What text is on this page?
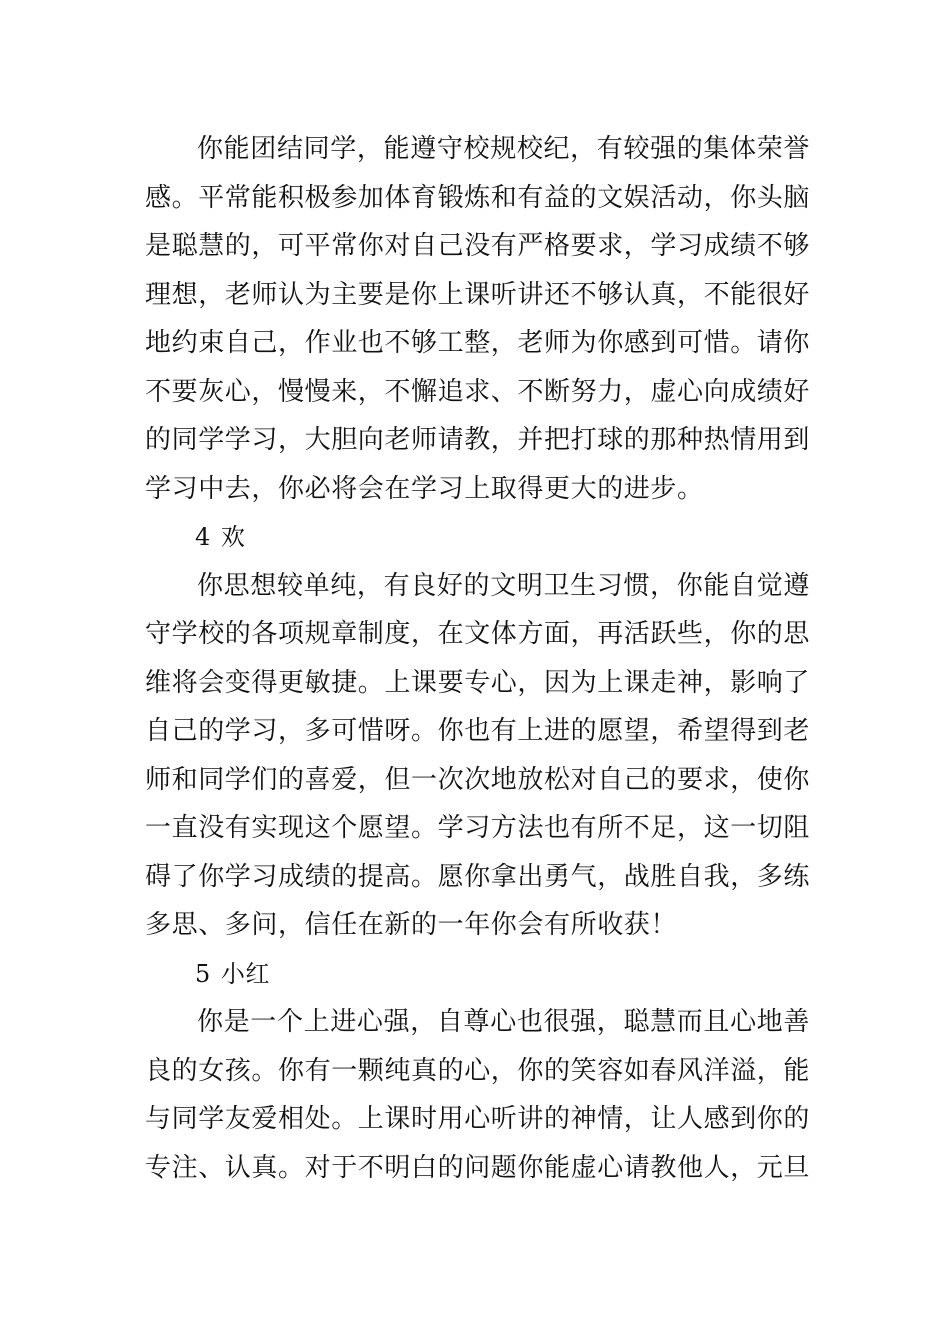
你能团结同学，能遵守校规校纪，有较强的集体荣誉感。平常能积极参加体育锻炼和有益的文娱活动，你头脑是聪慧的，可平常你对自己没有严格要求，学习成绩不够理想，老师认为主要是你上课听讲还不够认真，不能很好地约束自己，作业也不够工整，老师为你感到可惜。请你不要灰心，慢慢来，不懈追求、不断努力，虚心向成绩好的同学学习，大胆向老师请教，并把打球的那种热情用到学习中去，你必将会在学习上取得更大的进步。

4 欢

你思想较单纯，有良好的文明卫生习惯，你能自觉遵守学校的各项规章制度，在文体方面，再活跃些，你的思维将会变得更敏捷。上课要专心，因为上课走神，影响了自己的学习，多可惜呀。你也有上进的愿望，希望得到老师和同学们的喜爱，但一次次地放松对自己的要求，使你一直没有实现这个愿望。学习方法也有所不足，这一切阻碍了你学习成绩的提高。愿你拿出勇气，战胜自我，多练多思、多问，信任在新的一年你会有所收获！

5 小红

你是一个上进心强，自尊心也很强，聪慧而且心地善良的女孩。你有一颗纯真的心，你的笑容如春风洋溢，能与同学友爱相处。上课时用心听讲的神情，让人感到你的专注、认真。对于不明白的问题你能虚心请教他人，元旦
